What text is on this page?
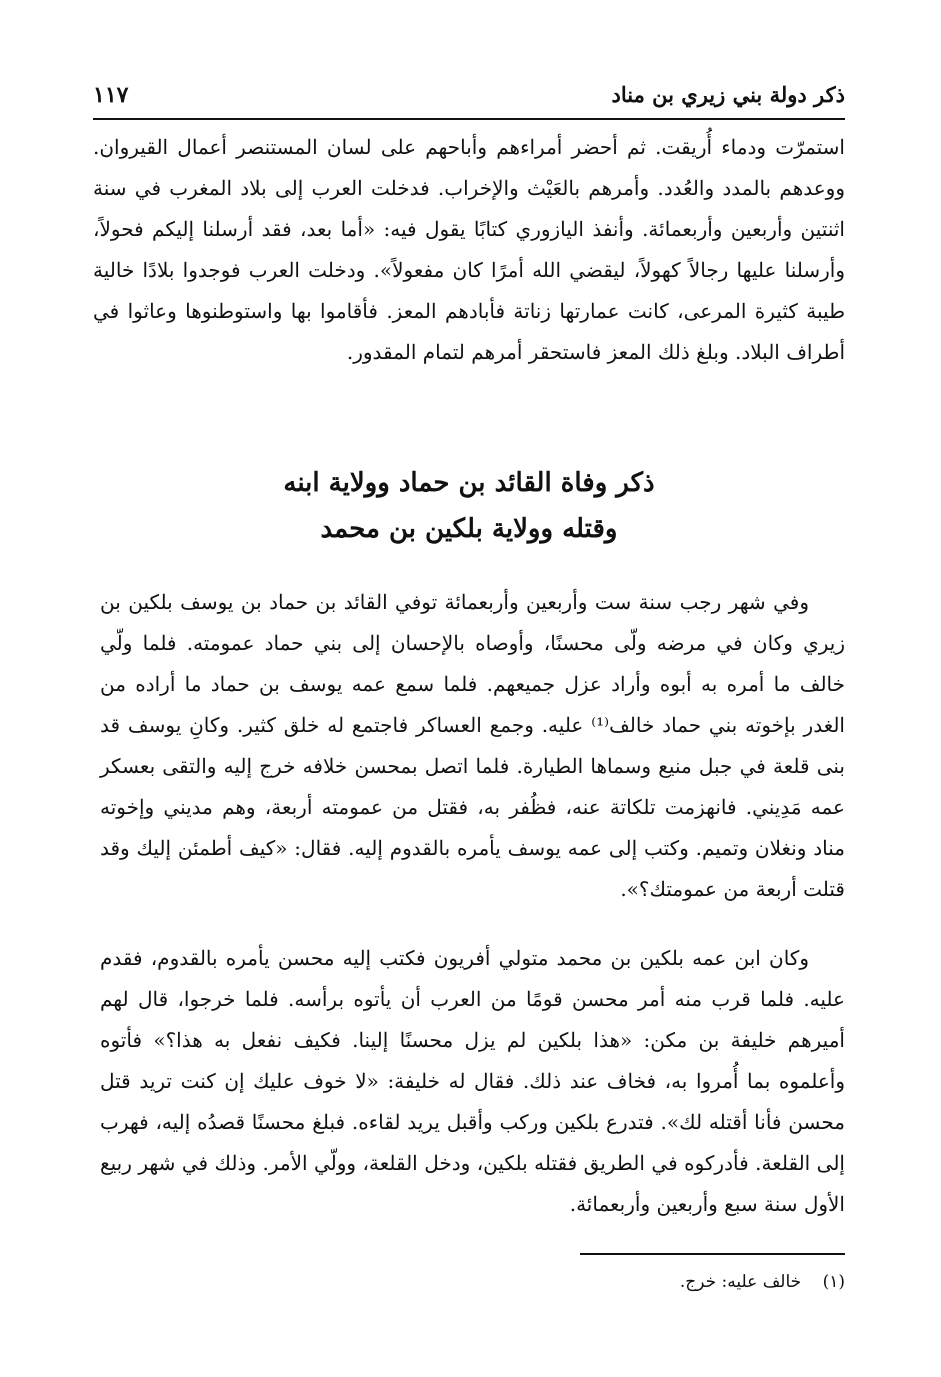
ذكر دولة بني زيري بن مناد
١١٧

استمرّت ودماء أُريقت. ثم أحضر أمراءهم وأباحهم على لسان المستنصر أعمال القيروان. ووعدهم بالمدد والعُدد. وأمرهم بالعَيْث والإخراب. فدخلت العرب إلى بلاد المغرب في سنة اثنتين وأربعين وأربعمائة. وأنفذ اليازوري كتابًا يقول فيه: «أما بعد، فقد أرسلنا إليكم فحولاً، وأرسلنا عليها رجالاً كهولاً، ليقضي الله أمرًا كان مفعولاً». ودخلت العرب فوجدوا بلادًا خالية طيبة كثيرة المرعى، كانت عمارتها زناتة فأبادهم المعز. فأقاموا بها واستوطنوها وعاثوا في أطراف البلاد. وبلغ ذلك المعز فاستحقر أمرهم لتمام المقدور.

ذكر وفاة القائد بن حماد وولاية ابنه
وقتله وولاية بلكين بن محمد

وفي شهر رجب سنة ست وأربعين وأربعمائة توفي القائد بن حماد بن يوسف بلكين بن زيري وكان في مرضه ولّى محسنًا، وأوصاه بالإحسان إلى بني حماد عمومته. فلما ولّي خالف ما أمره به أبوه وأراد عزل جميعهم. فلما سمع عمه يوسف بن حماد ما أراده من الغدر بإخوته بني حماد خالف⁽¹⁾ عليه. وجمع العساكر فاجتمع له خلق كثير. وكانِ يوسف قد بنى قلعة في جبل منيع وسماها الطيارة. فلما اتصل بمحسن خلافه خرج إليه والتقى بعسكر عمه مَدِيني. فانهزمت تلكاتة عنه، فظُفر به، فقتل من عمومته أربعة، وهم مديني وإخوته مناد ونغلان وتميم. وكتب إلى عمه يوسف يأمره بالقدوم إليه. فقال: «كيف أطمئن إليك وقد قتلت أربعة من عمومتك؟».

وكان ابن عمه بلكين بن محمد متولي أفريون فكتب إليه محسن يأمره بالقدوم، فقدم عليه. فلما قرب منه أمر محسن قومًا من العرب أن يأتوه برأسه. فلما خرجوا، قال لهم أميرهم خليفة بن مكن: «هذا بلكين لم يزل محسنًا إلينا. فكيف نفعل به هذا؟» فأتوه وأعلموه بما أُمروا به، فخاف عند ذلك. فقال له خليفة: «لا خوف عليك إن كنت تريد قتل محسن فأنا أقتله لك». فتدرع بلكين وركب وأقبل يريد لقاءه. فبلغ محسنًا قصدُه إليه، فهرب إلى القلعة. فأدركوه في الطريق فقتله بلكين، ودخل القلعة، وولّي الأمر. وذلك في شهر ربيع الأول سنة سبع وأربعين وأربعمائة.

(١) خالف عليه: خرج.
